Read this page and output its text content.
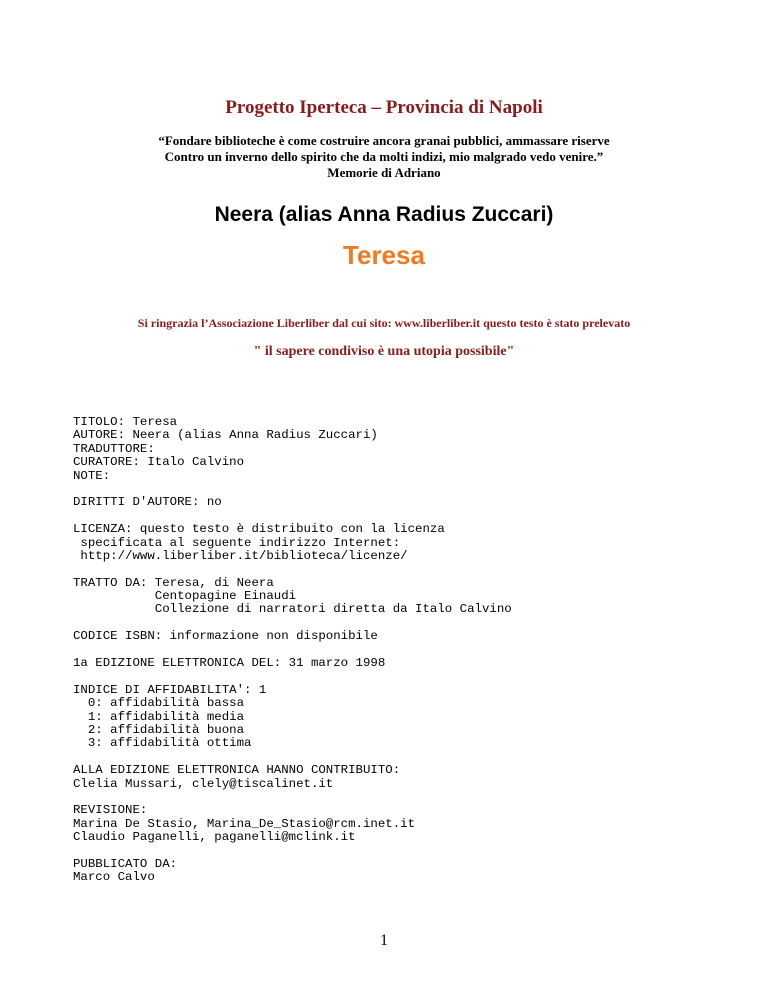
Progetto Iperteca – Provincia di Napoli
“Fondare biblioteche è come costruire ancora granai pubblici, ammassare riserve
Contro un inverno dello spirito che da molti indizi, mio malgrado vedo venire.”
Memorie di Adriano
Neera (alias Anna Radius Zuccari)
Teresa
Si ringrazia l’Associazione Liberliber dal cui sito: www.liberliber.it questo testo è stato prelevato
" il sapere condiviso è una utopia possibile"
TITOLO: Teresa
AUTORE: Neera (alias Anna Radius Zuccari)
TRADUTTORE:
CURATORE: Italo Calvino
NOTE:
DIRITTI D'AUTORE: no
LICENZA: questo testo è distribuito con la licenza
specificata al seguente indirizzo Internet:
http://www.liberliber.it/biblioteca/licenze/
TRATTO DA: Teresa, di Neera
Centopagine Einaudi
Collezione di narratori diretta da Italo Calvino
CODICE ISBN: informazione non disponibile
1a EDIZIONE ELETTRONICA DEL: 31 marzo 1998
INDICE DI AFFIDABILITA': 1
0: affidabilità bassa
1: affidabilità media
2: affidabilità buona
3: affidabilità ottima
ALLA EDIZIONE ELETTRONICA HANNO CONTRIBUITO:
Clelia Mussari, clely@tiscalinet.it
REVISIONE:
Marina De Stasio, Marina_De_Stasio@rcm.inet.it
Claudio Paganelli, paganelli@mclink.it
PUBBLICATO DA:
Marco Calvo
1
